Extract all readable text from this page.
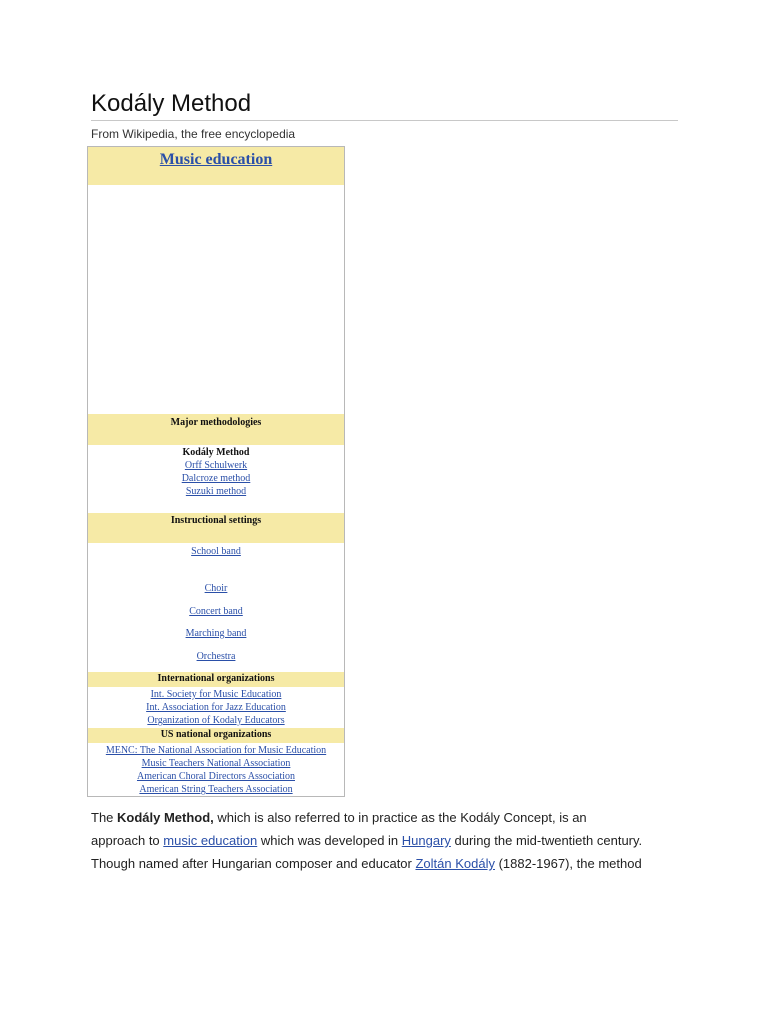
Kodály Method
From Wikipedia, the free encyclopedia
Music education
Major methodologies
Kodály Method
Orff Schulwerk
Dalcroze method
Suzuki method
Instructional settings
School band
Choir
Concert band
Marching band
Orchestra
International organizations
Int. Society for Music Education
Int. Association for Jazz Education
Organization of Kodaly Educators
US national organizations
MENC: The National Association for Music Education
Music Teachers National Association
American Choral Directors Association
American String Teachers Association

The Kodály Method, which is also referred to in practice as the Kodály Concept, is an

approach to music education which was developed in Hungary during the mid-twentieth century.

Though named after Hungarian composer and educator Zoltán Kodály (1882-1967), the method
